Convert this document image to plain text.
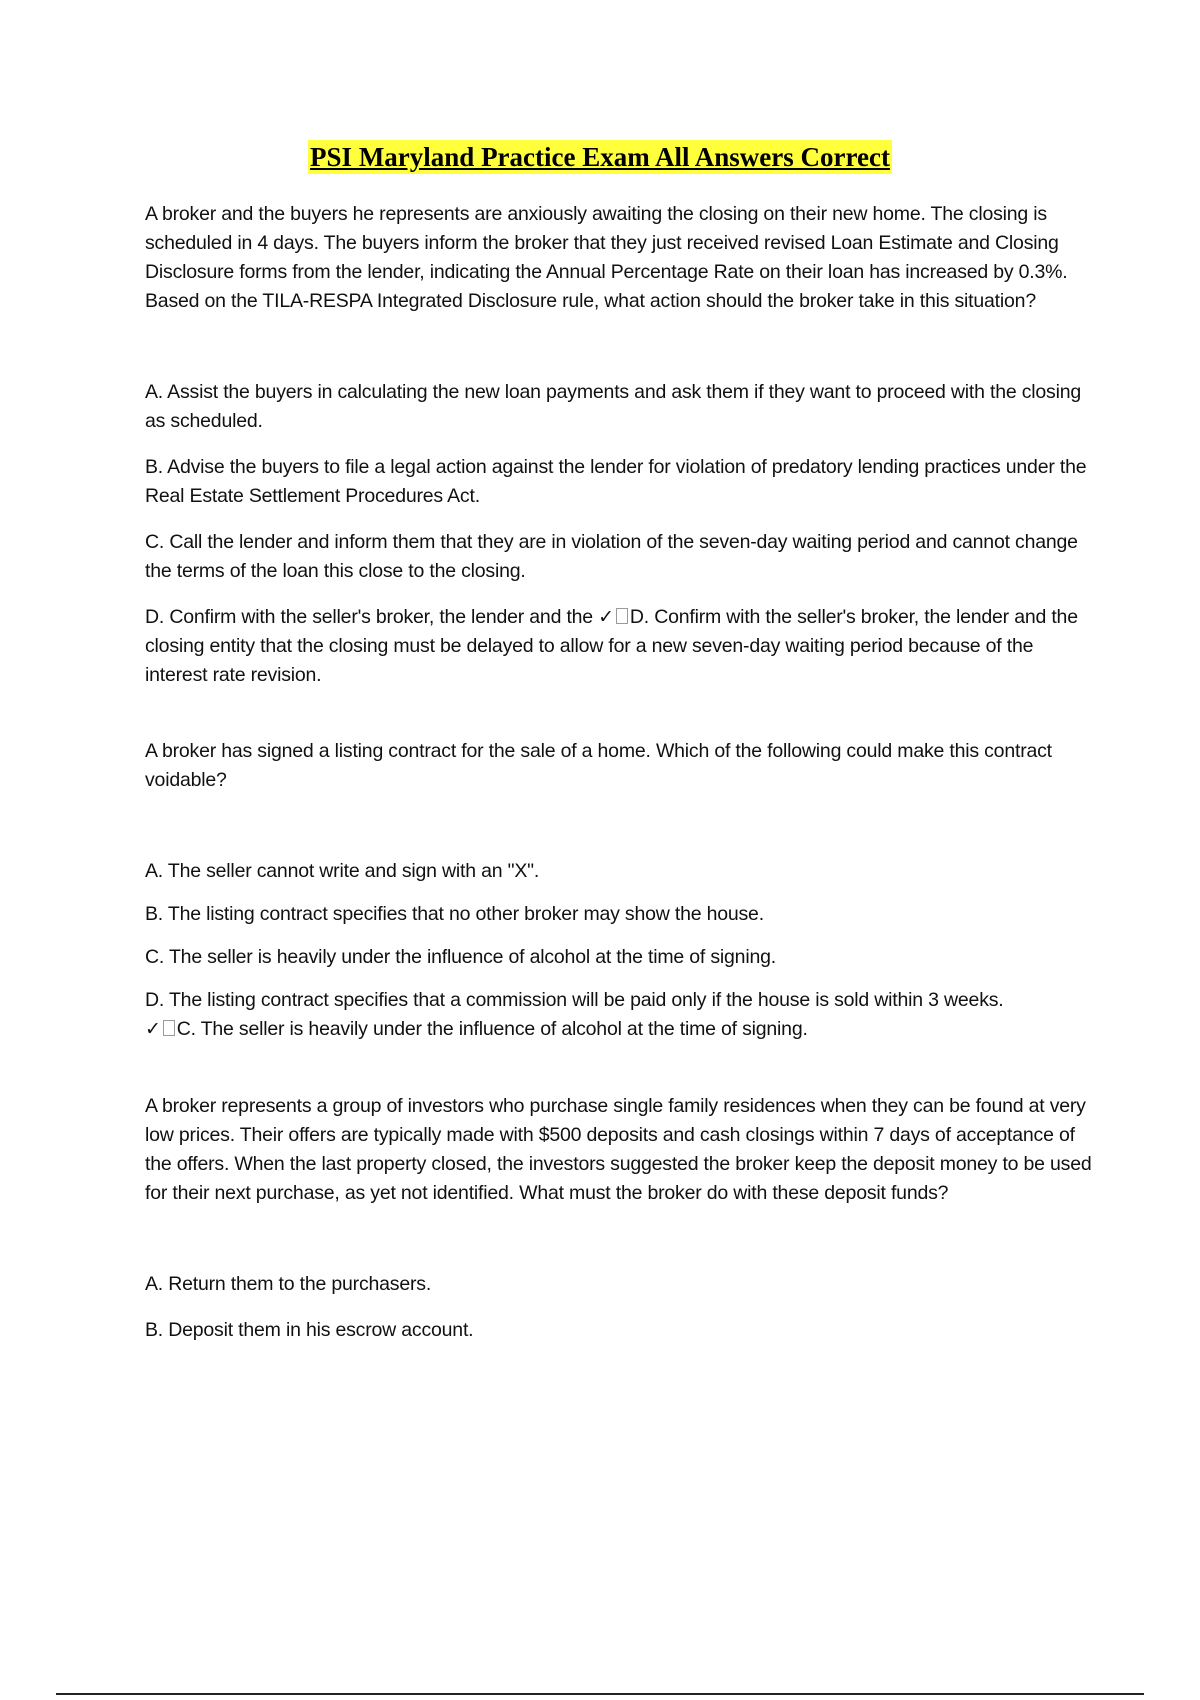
PSI Maryland Practice Exam All Answers Correct

A broker and the buyers he represents are anxiously awaiting the closing on their new home. The closing is scheduled in 4 days. The buyers inform the broker that they just received revised Loan Estimate and Closing Disclosure forms from the lender, indicating the Annual Percentage Rate on their loan has increased by 0.3%. Based on the TILA-RESPA Integrated Disclosure rule, what action should the broker take in this situation?

A. Assist the buyers in calculating the new loan payments and ask them if they want to proceed with the closing as scheduled.

B. Advise the buyers to file a legal action against the lender for violation of predatory lending practices under the Real Estate Settlement Procedures Act.

C. Call the lender and inform them that they are in violation of the seven-day waiting period and cannot change the terms of the loan this close to the closing.

D. Confirm with the seller's broker, the lender and the ✓ D. Confirm with the seller's broker, the lender and the closing entity that the closing must be delayed to allow for a new seven-day waiting period because of the interest rate revision.

A broker has signed a listing contract for the sale of a home. Which of the following could make this contract voidable?

A. The seller cannot write and sign with an "X".

B. The listing contract specifies that no other broker may show the house.

C. The seller is heavily under the influence of alcohol at the time of signing.

D. The listing contract specifies that a commission will be paid only if the house is sold within 3 weeks.

✓ C. The seller is heavily under the influence of alcohol at the time of signing.

A broker represents a group of investors who purchase single family residences when they can be found at very low prices. Their offers are typically made with $500 deposits and cash closings within 7 days of acceptance of the offers. When the last property closed, the investors suggested the broker keep the deposit money to be used for their next purchase, as yet not identified. What must the broker do with these deposit funds?

A. Return them to the purchasers.

B. Deposit them in his escrow account.
